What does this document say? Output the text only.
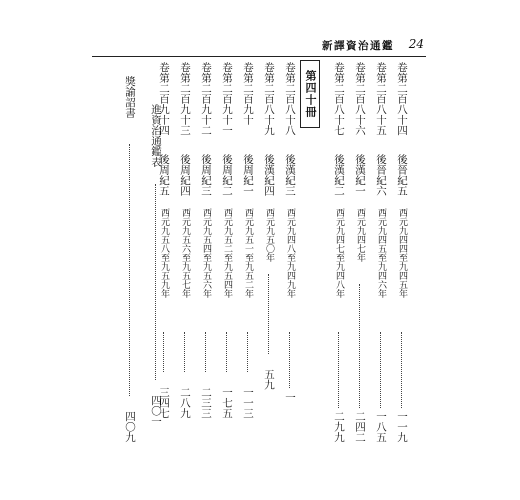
新譯資治通鑑 24
卷第二百八十四
後晉紀五
西元九四四至九四五年
一一九
卷第二百八十五
後晉紀六
西元九四五至九四六年
一八五
卷第二百八十六
後漢紀一
西元九四七年
二四二
卷第二百八十七
後漢紀二
西元九四七至九四八年
二九九
第四十冊
卷第二百八十八
後漢紀三
西元九四八至九四九年
一
卷第二百八十九
後漢紀四
西元九五〇年
五九
卷第二百九十
後周紀一
西元九五一至九五二年
一一三
卷第二百九十一
後周紀二
西元九五二至九五四年
一七五
卷第二百九十二
後周紀三
西元九五四至九五六年
二三三
卷第二百九十三
後周紀四
西元九五六至九五七年
二八九
卷第二百九十四
後周紀五
西元九五八至九五九年
三四七
進資治通鑑表
四〇一
獎諭詔書
四〇九
